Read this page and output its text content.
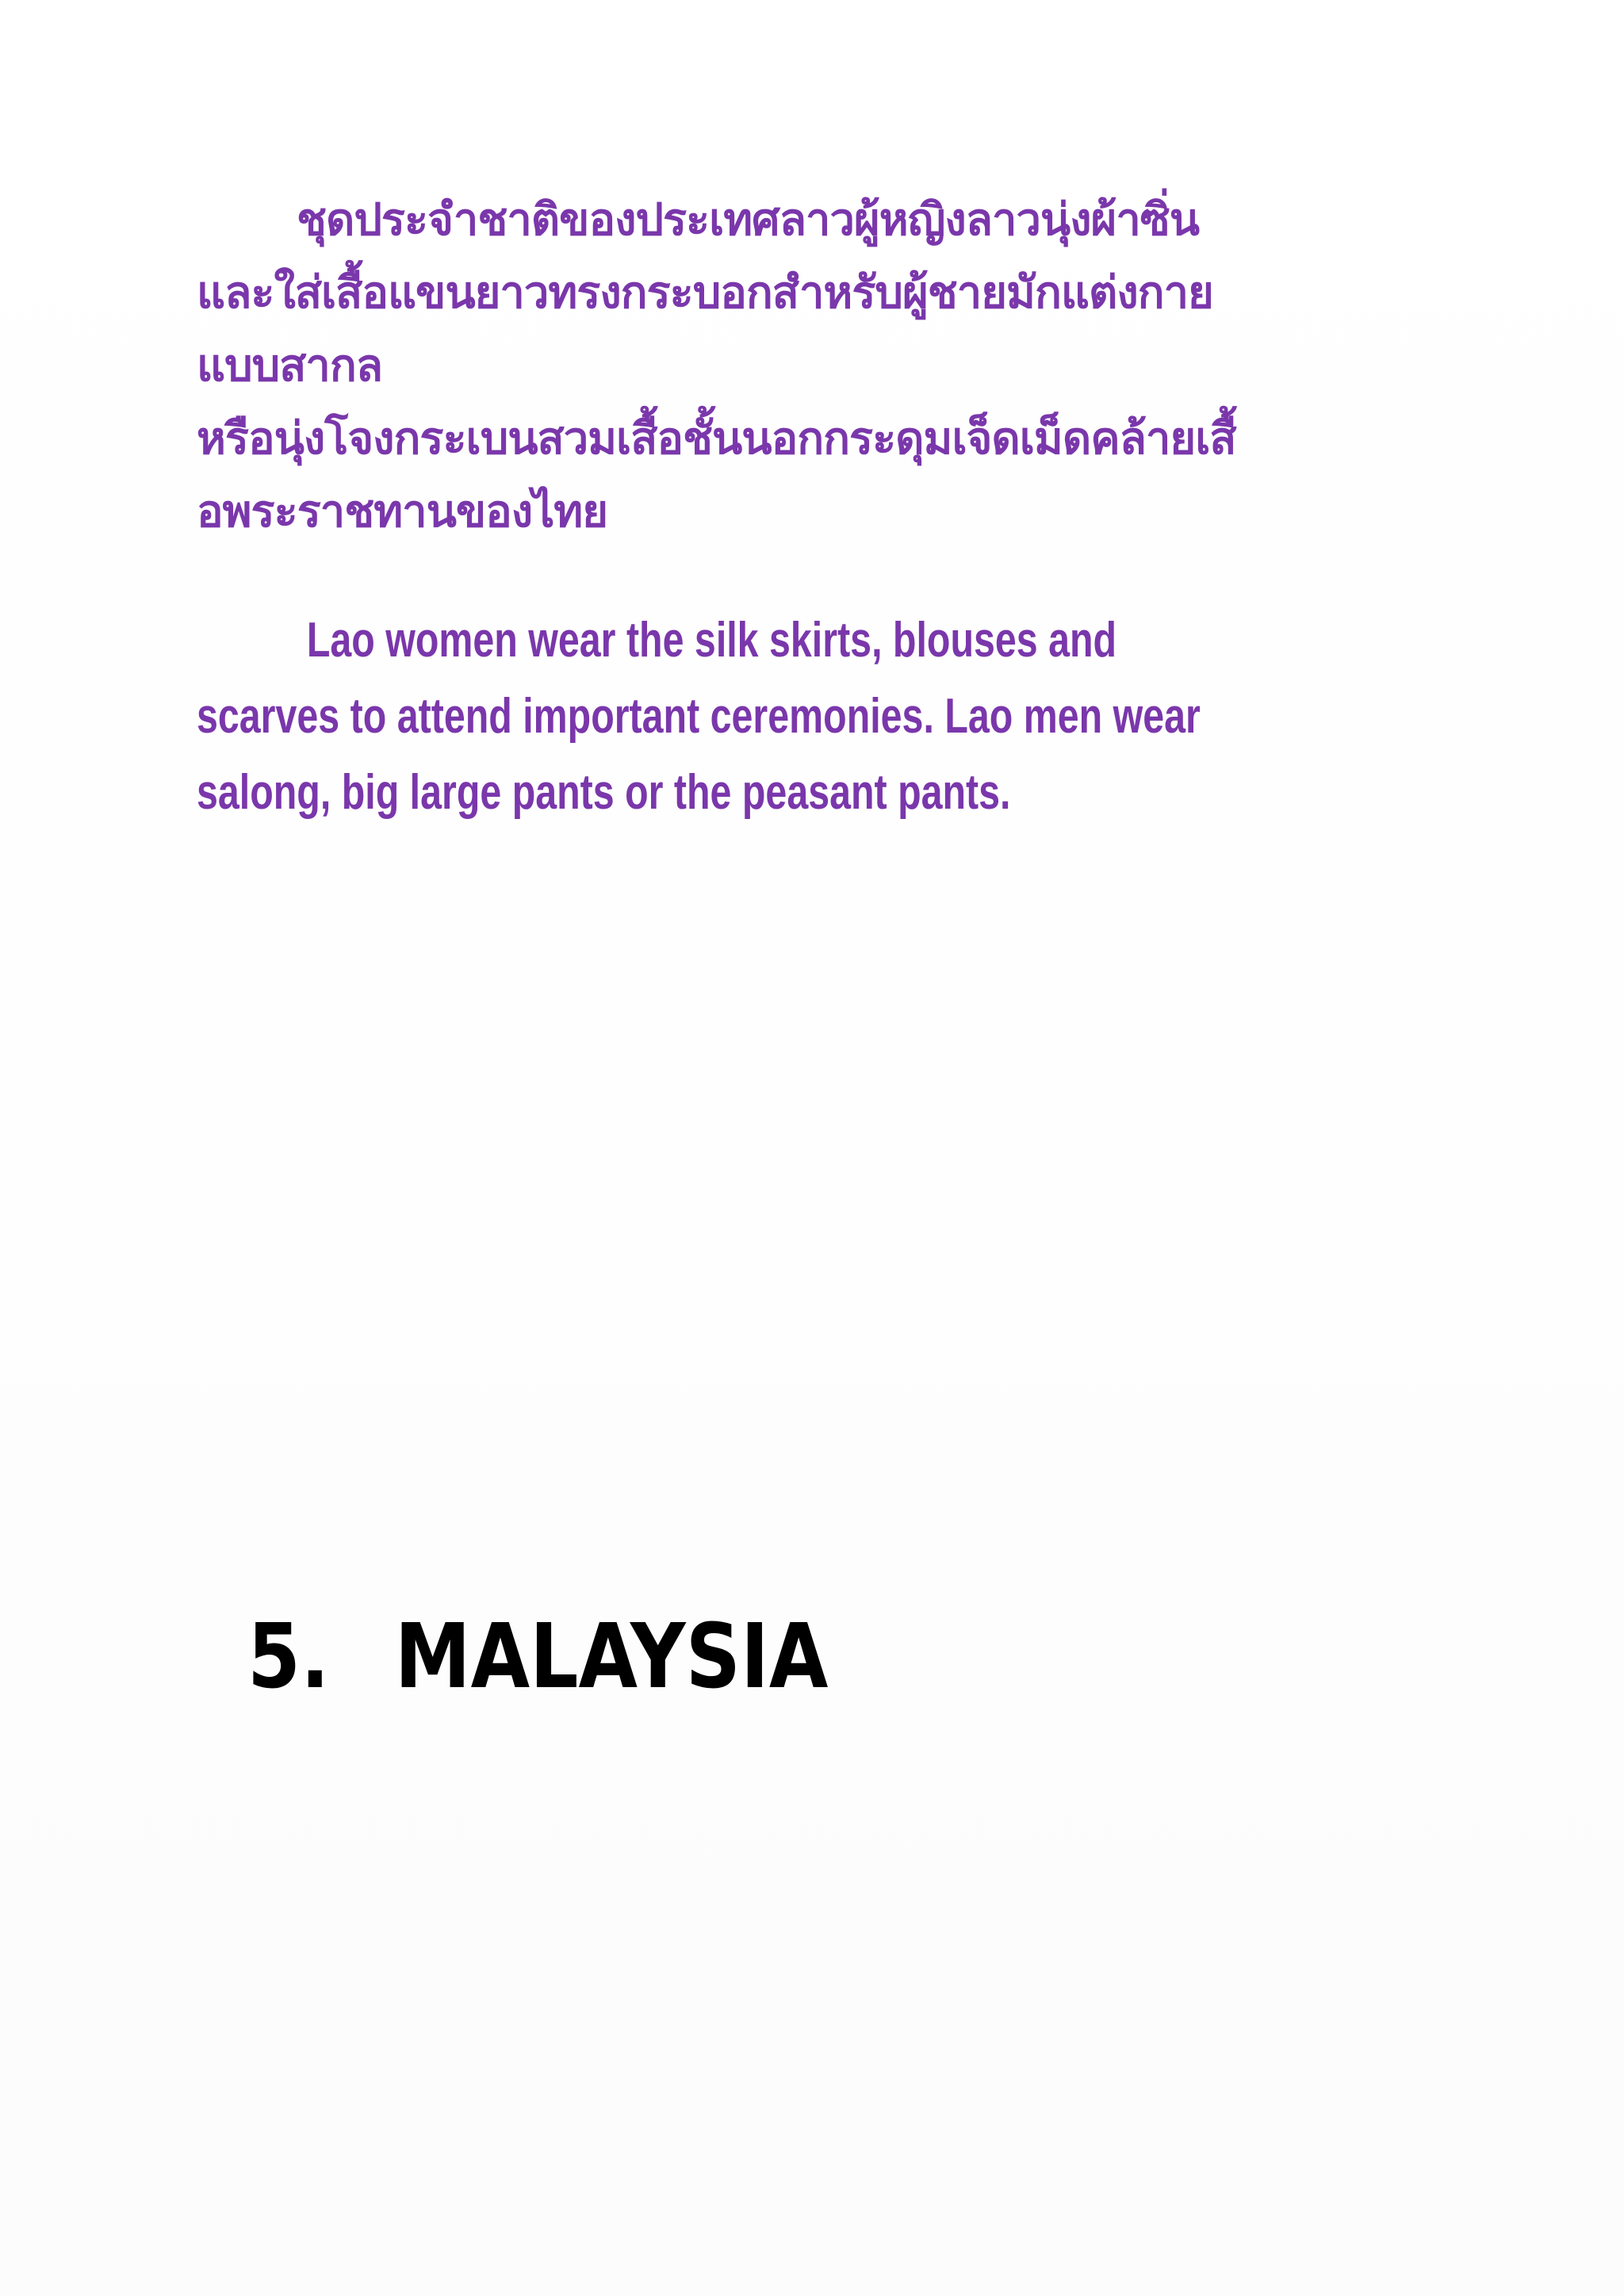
ชุดประจำชาติของประเทศลาวผู้หญิงลาวนุ่งผ้าซิ่น
และใส่เสื้อแขนยาวทรงกระบอกสำหรับผู้ชายมักแต่งกาย
แบบสากล
หรือนุ่งโจงกระเบนสวมเสื้อชั้นนอกกระดุมเจ็ดเม็ดคล้ายเสื้
อพระราชทานของไทย
Lao women wear the silk skirts, blouses and
scarves to attend important ceremonies. Lao men wear
salong, big large pants or the peasant pants.
5. MALAYSIA
